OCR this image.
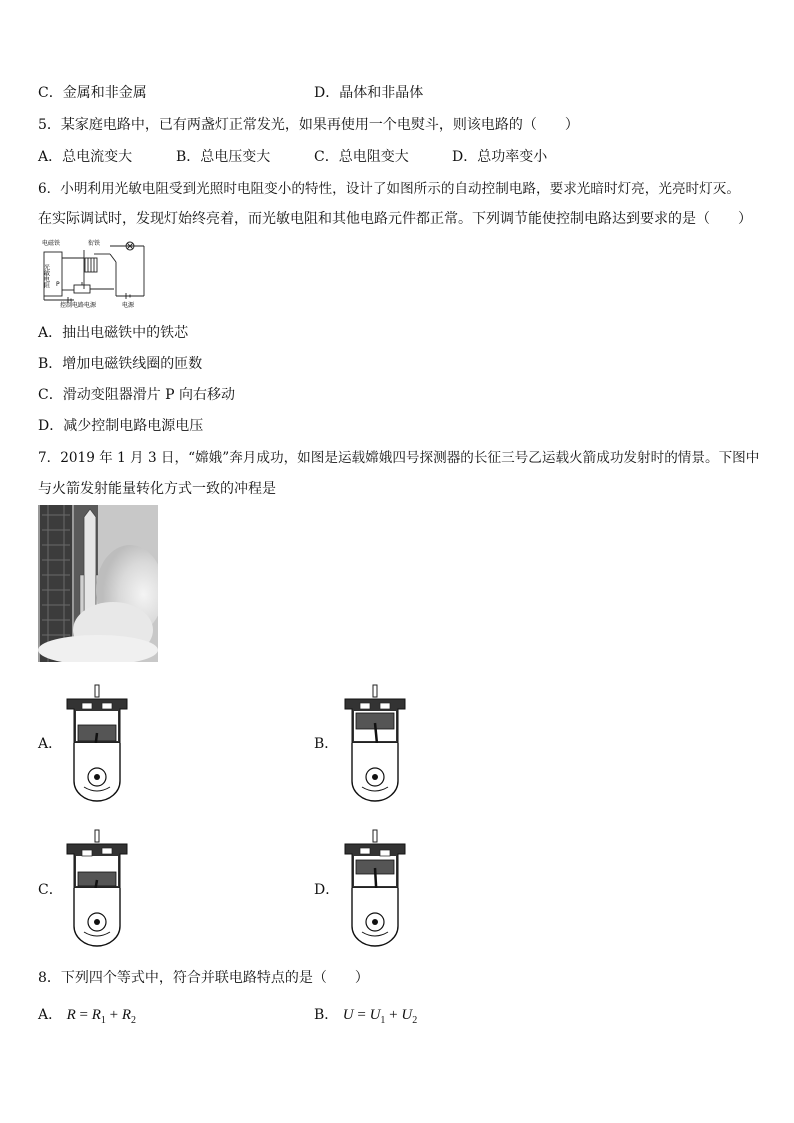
C．金属和非金属	D．晶体和非晶体
5．某家庭电路中，已有两盏灯正常发光，如果再使用一个电熨斗，则该电路的（　　）
A．总电流变大	B．总电压变大	C．总电阻变大	D．总功率变小
6．小明利用光敏电阻受到光照时电阻变小的特性，设计了如图所示的自动控制电路，要求光暗时灯亮，光亮时灯灭。
在实际调试时，发现灯始终亮着，而光敏电阻和其他电路元件都正常。下列调节能使控制电路达到要求的是（　　）
电磁铁	衔铁
光敏电阻 P
控制电路电源	电源
A．抽出电磁铁中的铁芯
B．增加电磁铁线圈的匝数
C．滑动变阻器滑片 P 向右移动
D．减少控制电路电源电压
7．2019 年 1 月 3 日，“嫦娥”奔月成功，如图是运载嫦娥四号探测器的长征三号乙运载火箭成功发射时的情景。下图中
与火箭发射能量转化方式一致的冲程是
A．	B．
C．	D．
8．下列四个等式中，符合并联电路特点的是（　　）
A． $R = R_1 + R_2$	B． $U = U_1 + U_2$
